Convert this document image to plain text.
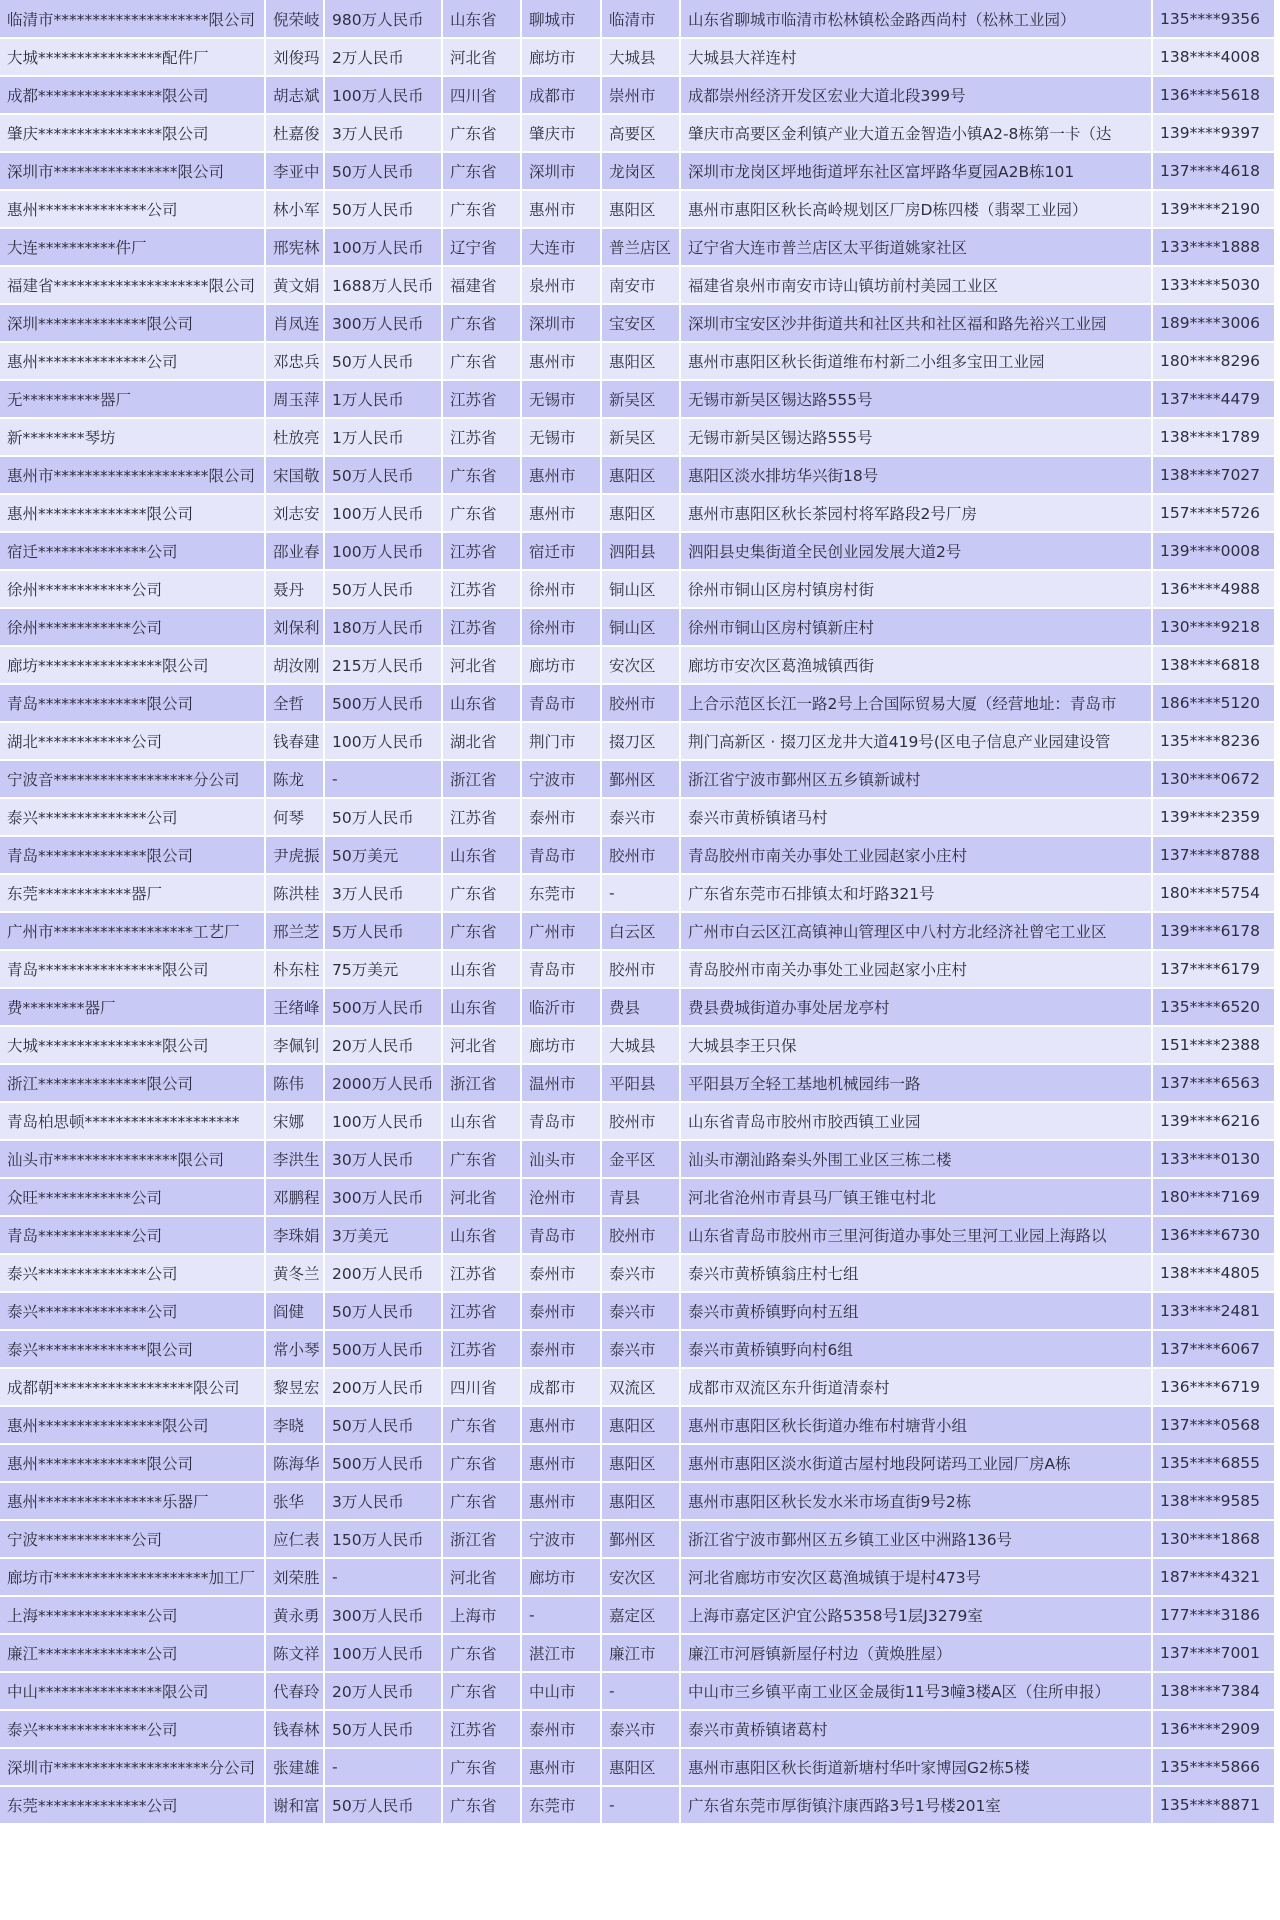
临清市********************限公司	倪荣岐	980万人民币	山东省	聊城市	临清市	山东省聊城市临清市松林镇松金路西尚村（松林工业园）	135****9356
大城****************配件厂	刘俊玛	2万人民币	河北省	廊坊市	大城县	大城县大祥连村	138****4008
成都****************限公司	胡志斌	100万人民币	四川省	成都市	崇州市	成都崇州经济开发区宏业大道北段399号	136****5618
肇庆****************限公司	杜嘉俊	3万人民币	广东省	肇庆市	高要区	肇庆市高要区金利镇产业大道五金智造小镇A2-8栋第一卡（达	139****9397
深圳市****************限公司	李亚中	50万人民币	广东省	深圳市	龙岗区	深圳市龙岗区坪地街道坪东社区富坪路华夏园A2B栋101	137****4618
惠州**************公司	林小军	50万人民币	广东省	惠州市	惠阳区	惠州市惠阳区秋长高岭规划区厂房D栋四楼（翡翠工业园）	139****2190
大连**********件厂	邢宪林	100万人民币	辽宁省	大连市	普兰店区	辽宁省大连市普兰店区太平街道姚家社区	133****1888
福建省********************限公司	黄文娟	1688万人民币	福建省	泉州市	南安市	福建省泉州市南安市诗山镇坊前村美园工业区	133****5030
深圳**************限公司	肖凤连	300万人民币	广东省	深圳市	宝安区	深圳市宝安区沙井街道共和社区共和社区福和路先裕兴工业园	189****3006
惠州**************公司	邓忠兵	50万人民币	广东省	惠州市	惠阳区	惠州市惠阳区秋长街道维布村新二小组多宝田工业园	180****8296
无**********器厂	周玉萍	1万人民币	江苏省	无锡市	新吴区	无锡市新吴区锡达路555号	137****4479
新********琴坊	杜放亮	1万人民币	江苏省	无锡市	新吴区	无锡市新吴区锡达路555号	138****1789
惠州市********************限公司	宋国敬	50万人民币	广东省	惠州市	惠阳区	惠阳区淡水排坊华兴街18号	138****7027
惠州**************限公司	刘志安	100万人民币	广东省	惠州市	惠阳区	惠州市惠阳区秋长茶园村将军路段2号厂房	157****5726
宿迁**************公司	邵业春	100万人民币	江苏省	宿迁市	泗阳县	泗阳县史集街道全民创业园发展大道2号	139****0008
徐州************公司	聂丹	50万人民币	江苏省	徐州市	铜山区	徐州市铜山区房村镇房村街	136****4988
徐州************公司	刘保利	180万人民币	江苏省	徐州市	铜山区	徐州市铜山区房村镇新庄村	130****9218
廊坊****************限公司	胡汝刚	215万人民币	河北省	廊坊市	安次区	廊坊市安次区葛渔城镇西街	138****6818
青岛**************限公司	全哲	500万人民币	山东省	青岛市	胶州市	上合示范区长江一路2号上合国际贸易大厦（经营地址：青岛市	186****5120
湖北************公司	钱春建	100万人民币	湖北省	荆门市	掇刀区	荆门高新区 · 掇刀区龙井大道419号(区电子信息产业园建设管	135****8236
宁波音******************分公司	陈龙	-	浙江省	宁波市	鄞州区	浙江省宁波市鄞州区五乡镇新诚村	130****0672
泰兴**************公司	何琴	50万人民币	江苏省	泰州市	泰兴市	泰兴市黄桥镇诸马村	139****2359
青岛**************限公司	尹虎振	50万美元	山东省	青岛市	胶州市	青岛胶州市南关办事处工业园赵家小庄村	137****8788
东莞************器厂	陈洪桂	3万人民币	广东省	东莞市	-	广东省东莞市石排镇太和圩路321号	180****5754
广州市******************工艺厂	邢兰芝	5万人民币	广东省	广州市	白云区	广州市白云区江高镇神山管理区中八村方北经济社曾宅工业区	139****6178
青岛****************限公司	朴东柱	75万美元	山东省	青岛市	胶州市	青岛胶州市南关办事处工业园赵家小庄村	137****6179
费********器厂	王绪峰	500万人民币	山东省	临沂市	费县	费县费城街道办事处居龙亭村	135****6520
大城****************限公司	李佩钊	20万人民币	河北省	廊坊市	大城县	大城县李王只保	151****2388
浙江**************限公司	陈伟	2000万人民币	浙江省	温州市	平阳县	平阳县万全轻工基地机械园纬一路	137****6563
青岛柏思顿********************	宋娜	100万人民币	山东省	青岛市	胶州市	山东省青岛市胶州市胶西镇工业园	139****6216
汕头市****************限公司	李洪生	30万人民币	广东省	汕头市	金平区	汕头市潮汕路秦头外围工业区三栋二楼	133****0130
众旺************公司	邓鹏程	300万人民币	河北省	沧州市	青县	河北省沧州市青县马厂镇王锥屯村北	180****7169
青岛************公司	李珠娟	3万美元	山东省	青岛市	胶州市	山东省青岛市胶州市三里河街道办事处三里河工业园上海路以	136****6730
泰兴**************公司	黄冬兰	200万人民币	江苏省	泰州市	泰兴市	泰兴市黄桥镇翁庄村七组	138****4805
泰兴**************公司	阎健	50万人民币	江苏省	泰州市	泰兴市	泰兴市黄桥镇野向村五组	133****2481
泰兴**************限公司	常小琴	500万人民币	江苏省	泰州市	泰兴市	泰兴市黄桥镇野向村6组	137****6067
成都朝******************限公司	黎昱宏	200万人民币	四川省	成都市	双流区	成都市双流区东升街道清泰村	136****6719
惠州****************限公司	李晓	50万人民币	广东省	惠州市	惠阳区	惠州市惠阳区秋长街道办维布村塘背小组	137****0568
惠州**************限公司	陈海华	500万人民币	广东省	惠州市	惠阳区	惠州市惠阳区淡水街道古屋村地段阿诺玛工业园厂房A栋	135****6855
惠州****************乐器厂	张华	3万人民币	广东省	惠州市	惠阳区	惠州市惠阳区秋长发水米市场直街9号2栋	138****9585
宁波************公司	应仁表	150万人民币	浙江省	宁波市	鄞州区	浙江省宁波市鄞州区五乡镇工业区中洲路136号	130****1868
廊坊市********************加工厂	刘荣胜	-	河北省	廊坊市	安次区	河北省廊坊市安次区葛渔城镇于堤村473号	187****4321
上海**************公司	黄永勇	300万人民币	上海市	-	嘉定区	上海市嘉定区沪宜公路5358号1层J3279室	177****3186
廉江**************公司	陈文祥	100万人民币	广东省	湛江市	廉江市	廉江市河唇镇新屋仔村边（黄焕胜屋）	137****7001
中山****************限公司	代春玲	20万人民币	广东省	中山市	-	中山市三乡镇平南工业区金晟街11号3幢3楼A区（住所申报）	138****7384
泰兴**************公司	钱春林	50万人民币	江苏省	泰州市	泰兴市	泰兴市黄桥镇诸葛村	136****2909
深圳市********************分公司	张建雄	-	广东省	惠州市	惠阳区	惠州市惠阳区秋长街道新塘村华叶家博园G2栋5楼	135****5866
东莞**************公司	谢和富	50万人民币	广东省	东莞市	-	广东省东莞市厚街镇汴康西路3号1号楼201室	135****8871
